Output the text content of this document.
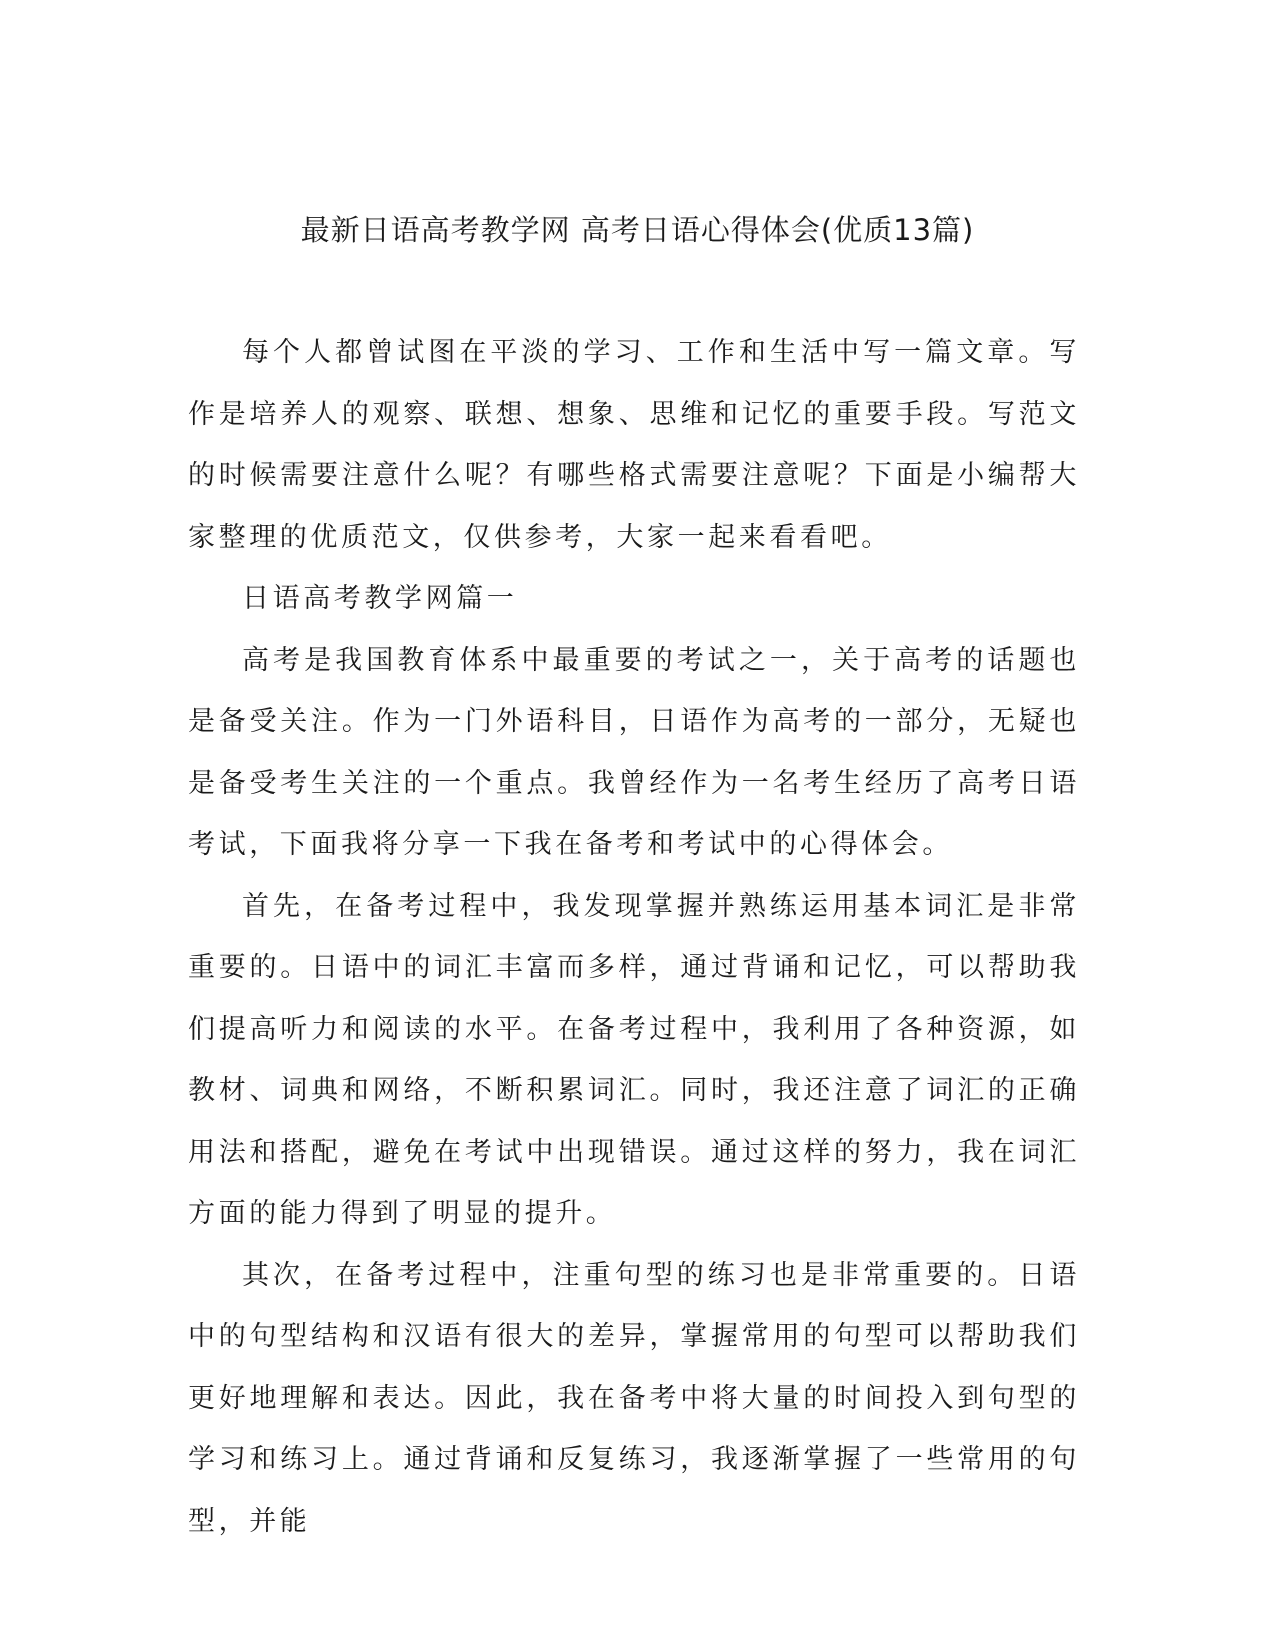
最新日语高考教学网 高考日语心得体会(优质13篇)

每个人都曾试图在平淡的学习、工作和生活中写一篇文章。写作是培养人的观察、联想、想象、思维和记忆的重要手段。写范文的时候需要注意什么呢？有哪些格式需要注意呢？下面是小编帮大家整理的优质范文，仅供参考，大家一起来看看吧。

日语高考教学网篇一

高考是我国教育体系中最重要的考试之一，关于高考的话题也是备受关注。作为一门外语科目，日语作为高考的一部分，无疑也是备受考生关注的一个重点。我曾经作为一名考生经历了高考日语考试，下面我将分享一下我在备考和考试中的心得体会。

首先，在备考过程中，我发现掌握并熟练运用基本词汇是非常重要的。日语中的词汇丰富而多样，通过背诵和记忆，可以帮助我们提高听力和阅读的水平。在备考过程中，我利用了各种资源，如教材、词典和网络，不断积累词汇。同时，我还注意了词汇的正确用法和搭配，避免在考试中出现错误。通过这样的努力，我在词汇方面的能力得到了明显的提升。

其次，在备考过程中，注重句型的练习也是非常重要的。日语中的句型结构和汉语有很大的差异，掌握常用的句型可以帮助我们更好地理解和表达。因此，我在备考中将大量的时间投入到句型的学习和练习上。通过背诵和反复练习，我逐渐掌握了一些常用的句型，并能
